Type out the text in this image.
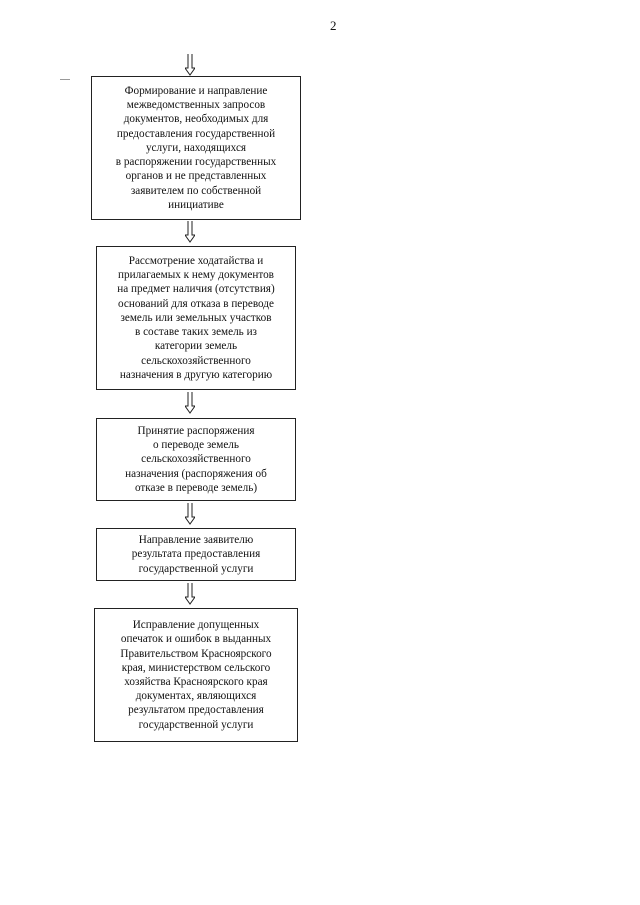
2
Формирование и направление
межведомственных запросов
документов, необходимых для
предоставления государственной
услуги, находящихся
в распоряжении государственных
органов и не представленных
заявителем по собственной
инициативе
Рассмотрение ходатайства и
прилагаемых к нему документов
на предмет наличия (отсутствия)
оснований для отказа в переводе
земель или земельных участков
в составе таких земель из
категории земель
сельскохозяйственного
назначения в другую категорию
Принятие распоряжения
о переводе земель
сельскохозяйственного
назначения (распоряжения об
отказе в переводе земель)
Направление заявителю
результата предоставления
государственной услуги
Исправление допущенных
опечаток и ошибок в выданных
Правительством Красноярского
края, министерством сельского
хозяйства Красноярского края
документах, являющихся
результатом предоставления
государственной услуги
